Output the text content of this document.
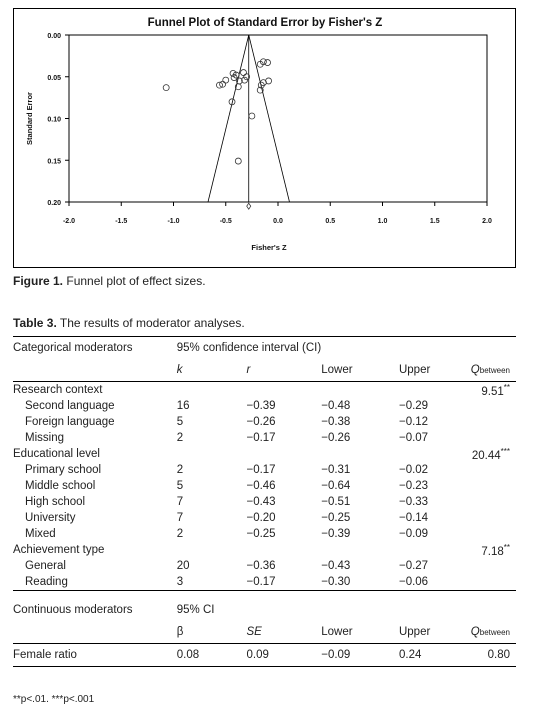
Funnel Plot of Standard Error by Fisher's Z
0.00
0.05
0.10
0.15
0.20
-2.0	-1.5	-1.0	-0.5	0.0	0.5	1.0	1.5	2.0
Fisher's Z
Standard Error
Figure 1. Funnel plot of effect sizes.
Table 3. The results of moderator analyses.
Categorical moderators	95% confidence interval (CI)				
	k	r	Lower	Upper	Qbetween
Research context					9.51**
Second language	16	−0.39	−0.48	−0.29	
Foreign language	5	−0.26	−0.38	−0.12	
Missing	2	−0.17	−0.26	−0.07	
Educational level					20.44***
Primary school	2	−0.17	−0.31	−0.02	
Middle school	5	−0.46	−0.64	−0.23	
High school	7	−0.43	−0.51	−0.33	
University	7	−0.20	−0.25	−0.14	
Mixed	2	−0.25	−0.39	−0.09	
Achievement type					7.18**
General	20	−0.36	−0.43	−0.27	
Reading	3	−0.17	−0.30	−0.06	

Continuous moderators	95% CI				
	β	SE	Lower	Upper	Qbetween
Female ratio	0.08	0.09	−0.09	0.24	0.80
**p<.01. ***p<.001
